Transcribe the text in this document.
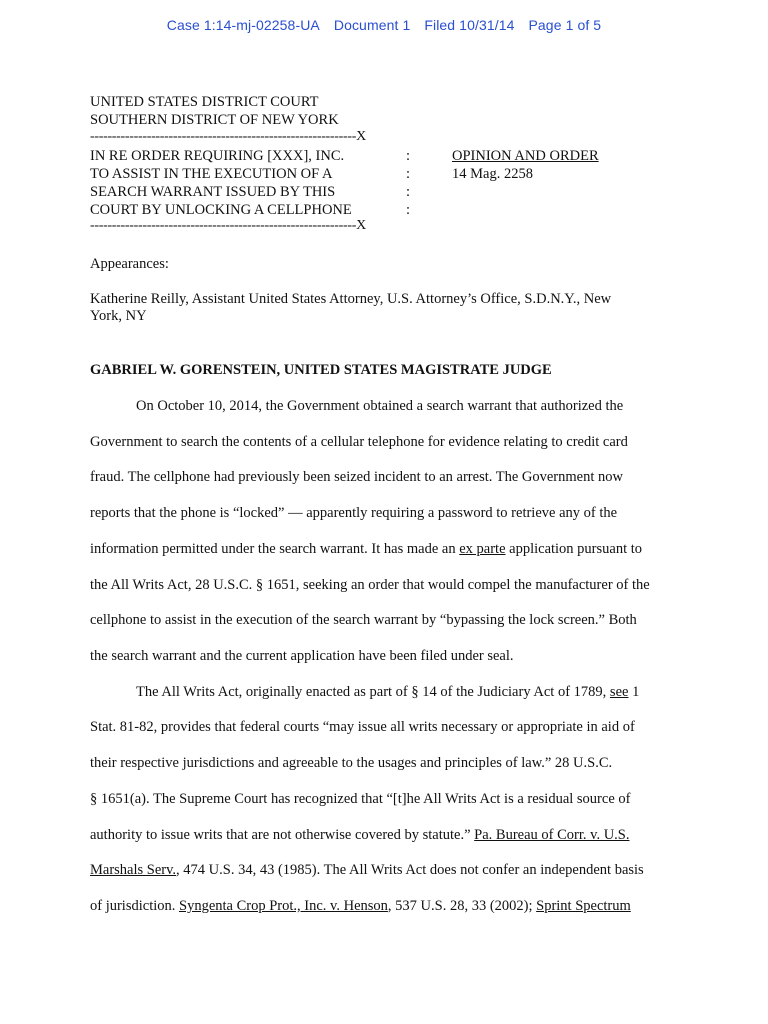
Case 1:14-mj-02258-UA Document 1 Filed 10/31/14 Page 1 of 5
UNITED STATES DISTRICT COURT
SOUTHERN DISTRICT OF NEW YORK
-------------------------------------------------------------X
IN RE ORDER REQUIRING [XXX], INC.
TO ASSIST IN THE EXECUTION OF A
SEARCH WARRANT ISSUED BY THIS
COURT BY UNLOCKING A CELLPHONE
:
:
:
:
OPINION AND ORDER
14 Mag. 2258
-------------------------------------------------------------X
Appearances:
Katherine Reilly, Assistant United States Attorney, U.S. Attorney’s Office, S.D.N.Y., New
York, NY
GABRIEL W. GORENSTEIN, UNITED STATES MAGISTRATE JUDGE
On October 10, 2014, the Government obtained a search warrant that authorized the
Government to search the contents of a cellular telephone for evidence relating to credit card
fraud. The cellphone had previously been seized incident to an arrest. The Government now
reports that the phone is “locked” — apparently requiring a password to retrieve any of the
information permitted under the search warrant. It has made an ex parte application pursuant to
the All Writs Act, 28 U.S.C. § 1651, seeking an order that would compel the manufacturer of the
cellphone to assist in the execution of the search warrant by “bypassing the lock screen.” Both
the search warrant and the current application have been filed under seal.
The All Writs Act, originally enacted as part of § 14 of the Judiciary Act of 1789, see 1
Stat. 81-82, provides that federal courts “may issue all writs necessary or appropriate in aid of
their respective jurisdictions and agreeable to the usages and principles of law.” 28 U.S.C.
§ 1651(a). The Supreme Court has recognized that “[t]he All Writs Act is a residual source of
authority to issue writs that are not otherwise covered by statute.” Pa. Bureau of Corr. v. U.S.
Marshals Serv., 474 U.S. 34, 43 (1985). The All Writs Act does not confer an independent basis
of jurisdiction. Syngenta Crop Prot., Inc. v. Henson, 537 U.S. 28, 33 (2002); Sprint Spectrum
